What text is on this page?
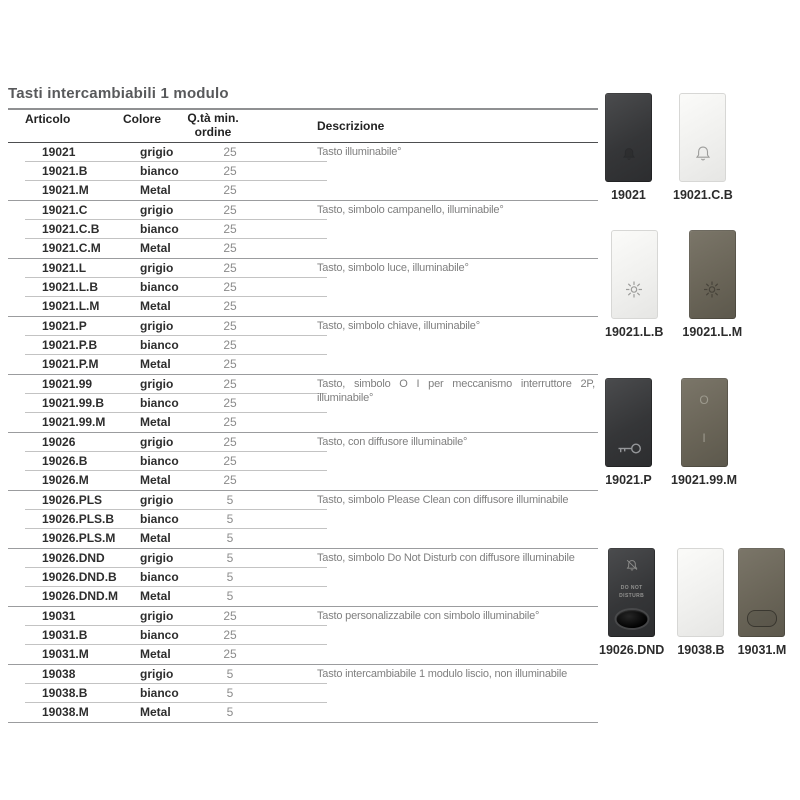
Tasti intercambiabili 1 modulo
Articolo	Colore	Q.tà min.
ordine	Descrizione
19021	grigio	25
19021.B	bianco	25
19021.M	Metal	25
Tasto illuminabile°
19021.C	grigio	25
19021.C.B	bianco	25
19021.C.M	Metal	25
Tasto, simbolo campanello, illuminabile°
19021.L	grigio	25
19021.L.B	bianco	25
19021.L.M	Metal	25
Tasto, simbolo luce, illuminabile°
19021.P	grigio	25
19021.P.B	bianco	25
19021.P.M	Metal	25
Tasto, simbolo chiave, illuminabile°
19021.99	grigio	25
19021.99.B	bianco	25
19021.99.M	Metal	25
Tasto, simbolo O I per meccanismo interruttore 2P, illuminabile°
19026	grigio	25
19026.B	bianco	25
19026.M	Metal	25
Tasto, con diffusore illuminabile°
19026.PLS	grigio	5
19026.PLS.B	bianco	5
19026.PLS.M	Metal	5
Tasto, simbolo Please Clean con diffusore illuminabile
19026.DND	grigio	5
19026.DND.B	bianco	5
19026.DND.M	Metal	5
Tasto, simbolo Do Not Disturb con diffusore illuminabile
19031	grigio	25
19031.B	bianco	25
19031.M	Metal	25
Tasto personalizzabile con simbolo illuminabile°
19038	grigio	5
19038.B	bianco	5
19038.M	Metal	5
Tasto intercambiabile 1 modulo liscio, non illuminabile
19021 19021.C.B
19021.L.B 19021.L.M
19021.P
O
I
19021.99.M
DO NOT
DISTURB
19026.DND 19038.B 19031.M
